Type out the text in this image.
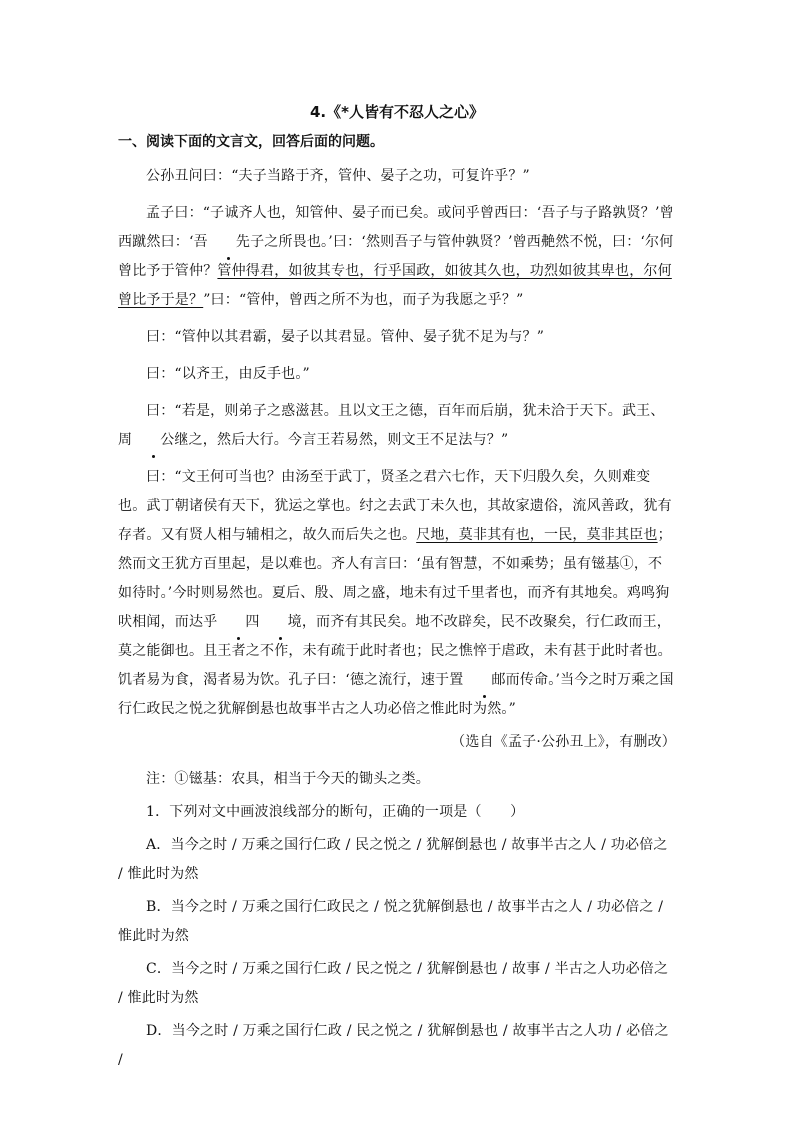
4.《*人皆有不忍人之心》
一、阅读下面的文言文，回答后面的问题。

公孙丑问曰：“夫子当路于齐，管仲、晏子之功，可复许乎？”

孟子曰：“子诚齐人也，知管仲、晏子而已矣。或问乎曾西曰：‘吾子与子路孰贤？’曾西蹴然曰：‘吾 先子之所畏也。’曰：‘然则吾子与管仲孰贤？’曾西艴然不悦，曰：‘尔何曾比予于管仲？管仲得君，如彼其专也，行乎国政，如彼其久也，功烈如彼其卑也，尔何曾比予于是？”曰：“管仲，曾西之所不为也，而子为我愿之乎？”

曰：“管仲以其君霸，晏子以其君显。管仲、晏子犹不足为与？”

曰：“以齐王，由反手也。”

曰：“若是，则弟子之惑滋甚。且以文王之德，百年而后崩，犹未洽于天下。武王、周 公继之，然后大行。今言王若易然，则文王不足法与？”

曰：“文王何可当也？由汤至于武丁，贤圣之君六七作，天下归殷久矣，久则难变也。武丁朝诸侯有天下，犹运之掌也。纣之去武丁未久也，其故家遗俗，流风善政，犹有存者。又有贤人相与辅相之，故久而后失之也。尺地，莫非其有也，一民，莫非其臣也；然而文王犹方百里起，是以难也。齐人有言曰：‘虽有智慧，不如乘势；虽有镃基①，不如待时。’今时则易然也。夏后、殷、周之盛，地未有过千里者也，而齐有其地矣。鸡鸣狗吠相闻，而达乎 四 境，而齐有其民矣。地不改辟矣，民不改聚矣，行仁政而王，莫之能御也。且王者之不作，未有疏于此时者也；民之憔悴于虐政，未有甚于此时者也。饥者易为食，渴者易为饮。孔子曰：‘德之流行，速于置 邮而传命。’当今之时万乘之国行仁政民之悦之犹解倒悬也故事半古之人功必倍之惟此时为然。”

（选自《孟子·公孙丑上》，有删改）

注：①镃基：农具，相当于今天的锄头之类。

1．下列对文中画波浪线部分的断句，正确的一项是（　　）

A．当今之时 / 万乘之国行仁政 / 民之悦之 / 犹解倒悬也 / 故事半古之人 / 功必倍之 / 惟此时为然

B．当今之时 / 万乘之国行仁政民之 / 悦之犹解倒悬也 / 故事半古之人 / 功必倍之 / 惟此时为然

C．当今之时 / 万乘之国行仁政 / 民之悦之 / 犹解倒悬也 / 故事 / 半古之人功必倍之 / 惟此时为然

D．当今之时 / 万乘之国行仁政 / 民之悦之 / 犹解倒悬也 / 故事半古之人功 / 必倍之 /
